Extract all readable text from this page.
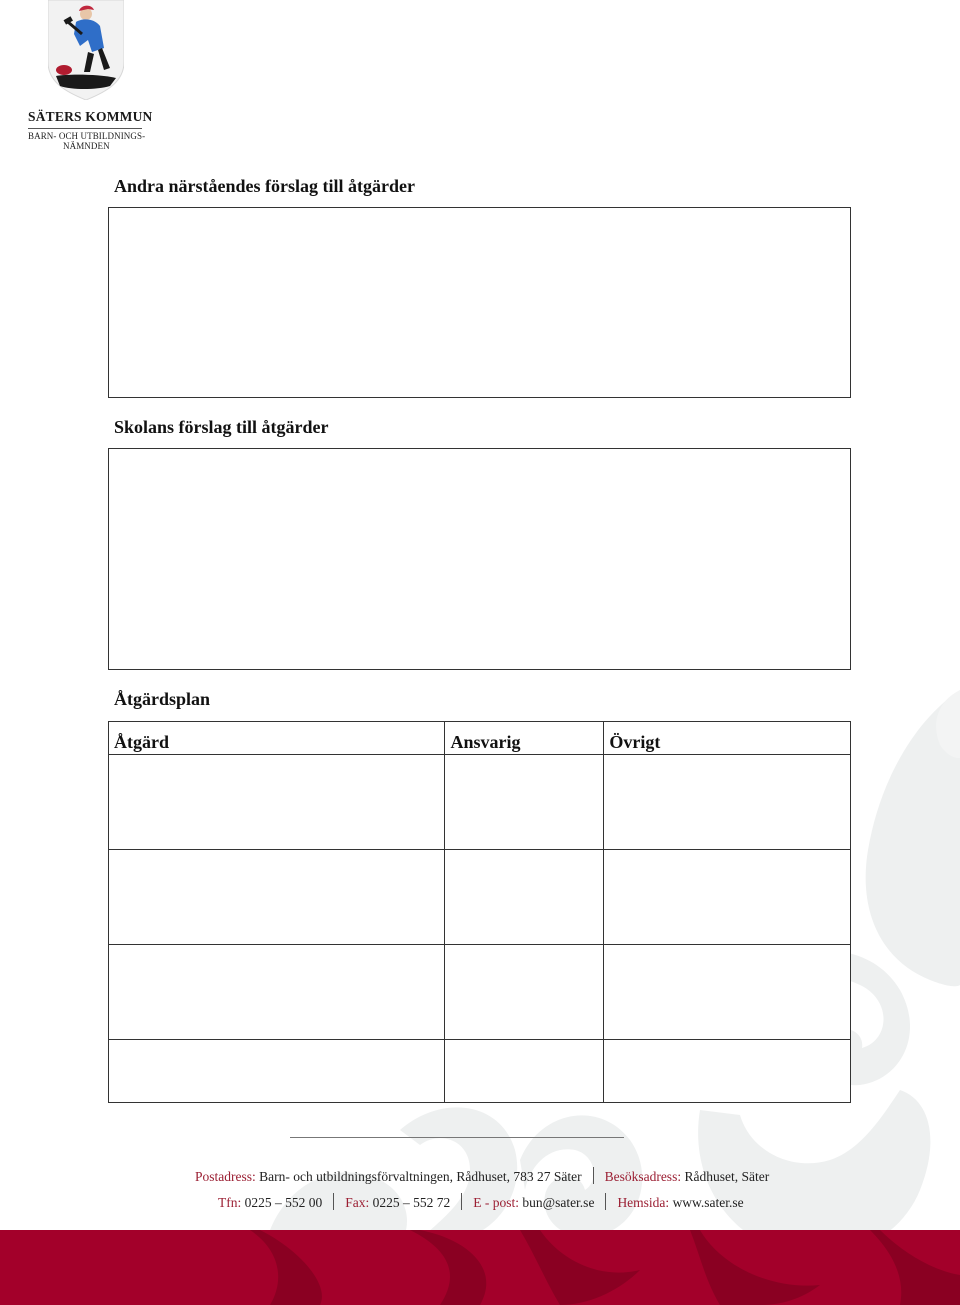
SÄTERS KOMMUN
BARN- OCH UTBILDNINGS-
NÄMNDEN
Andra närståendes förslag till åtgärder
Skolans förslag till åtgärder
Åtgärdsplan
Åtgärd	Ansvarig	Övrigt

Postadress: Barn- och utbildningsförvaltningen, Rådhuset, 783 27 Säter Besöksadress: Rådhuset, Säter
Tfn: 0225 – 552 00 Fax: 0225 – 552 72 E - post: bun@sater.se Hemsida: www.sater.se
